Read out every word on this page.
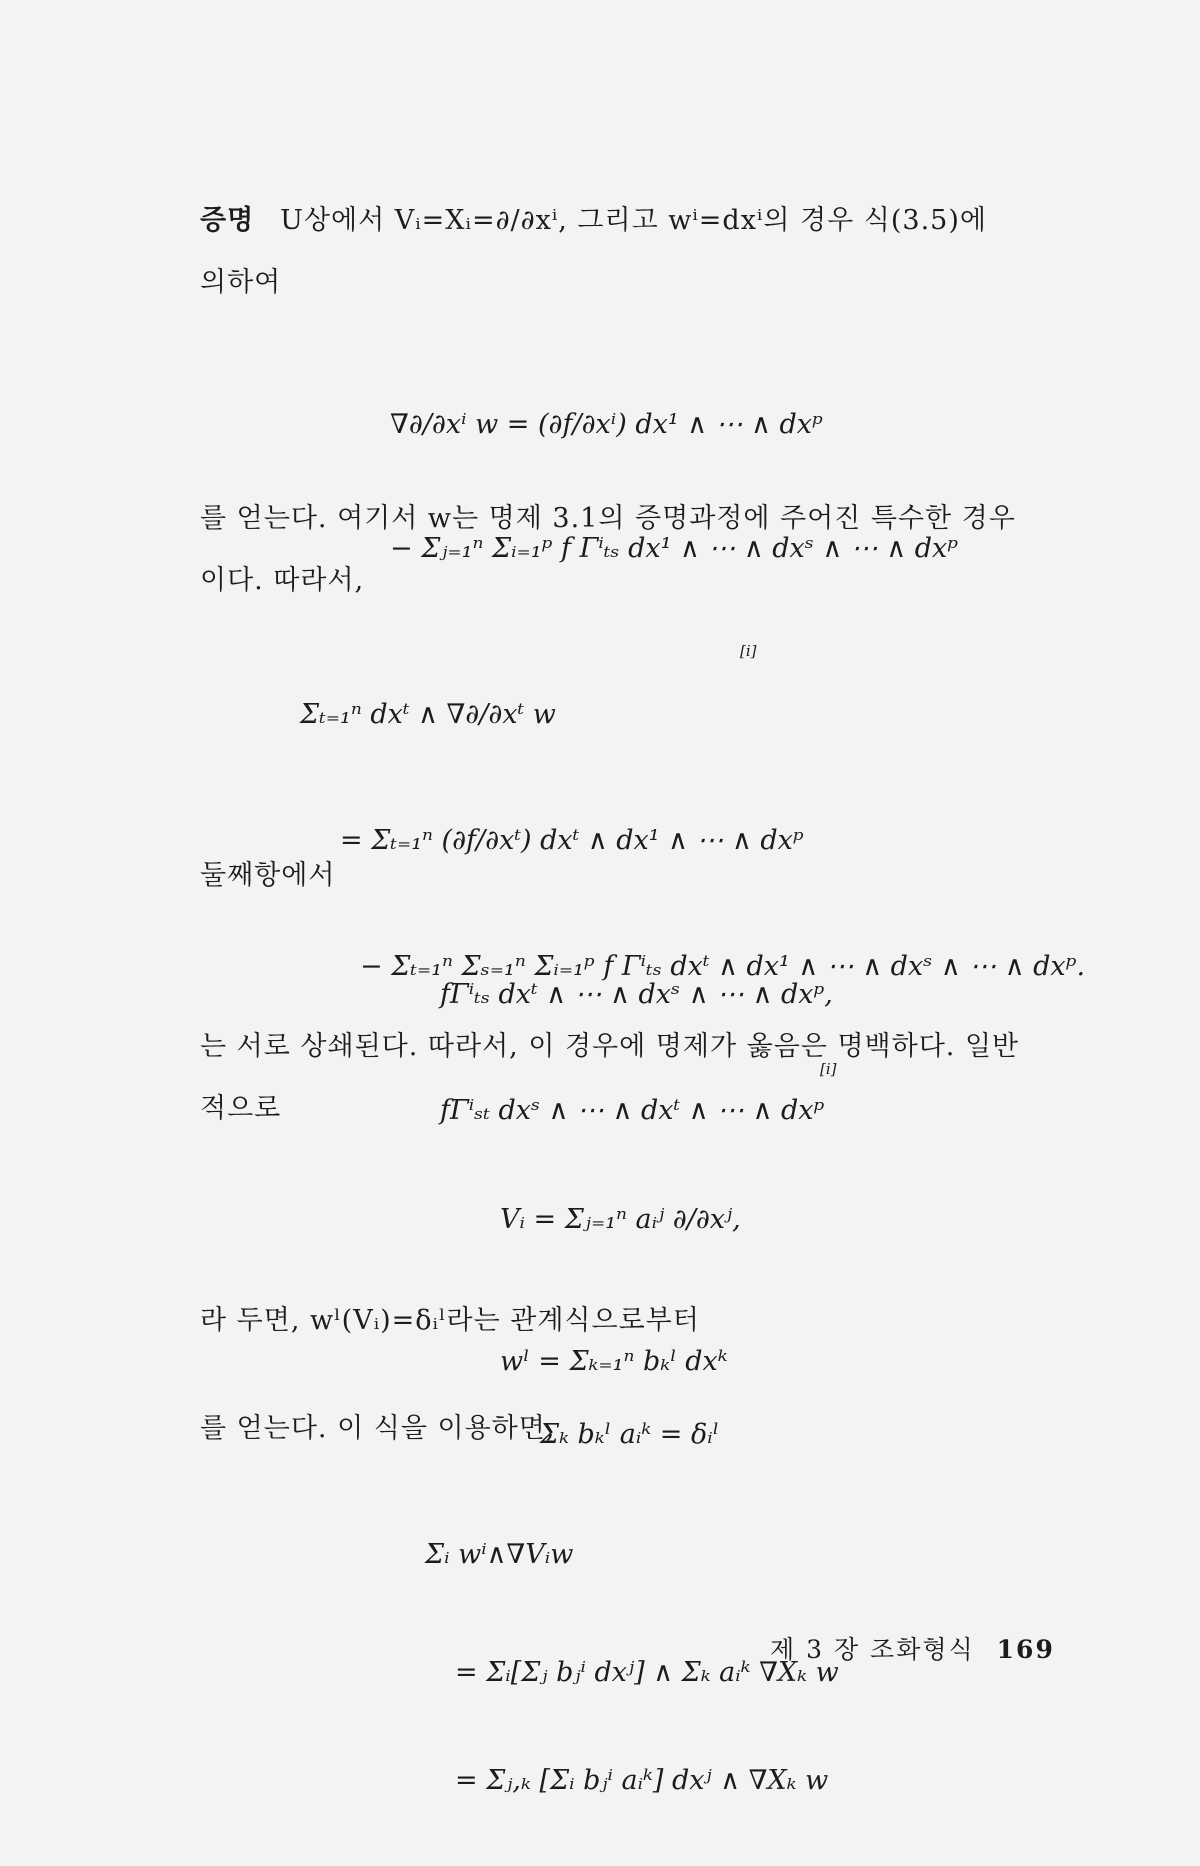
증명 U상에서 Vᵢ=Xᵢ=∂/∂xⁱ, 그리고 wⁱ=dxⁱ의 경우 식(3.5)에
의하여

∇∂/∂xⁱ w = (∂f/∂xⁱ) dx¹ ∧ ⋯ ∧ dxᵖ

− Σⱼ₌₁ⁿ Σᵢ₌₁ᵖ f Γⁱₜₛ dx¹ ∧ ⋯ ∧ dxˢ ∧ ⋯ ∧ dxᵖ

[i]

를 얻는다. 여기서 w는 명제 3.1의 증명과정에 주어진 특수한 경우
이다. 따라서,

Σₜ₌₁ⁿ dxᵗ ∧ ∇∂/∂xᵗ w

= Σₜ₌₁ⁿ (∂f/∂xᵗ) dxᵗ ∧ dx¹ ∧ ⋯ ∧ dxᵖ

− Σₜ₌₁ⁿ Σₛ₌₁ⁿ Σᵢ₌₁ᵖ f Γⁱₜₛ dxᵗ ∧ dx¹ ∧ ⋯ ∧ dxˢ ∧ ⋯ ∧ dxᵖ.

[i]

둘째항에서

fΓⁱₜₛ dxᵗ ∧ ⋯ ∧ dxˢ ∧ ⋯ ∧ dxᵖ,

fΓⁱₛₜ dxˢ ∧ ⋯ ∧ dxᵗ ∧ ⋯ ∧ dxᵖ

는 서로 상쇄된다. 따라서, 이 경우에 명제가 옳음은 명백하다. 일반
적으로

Vᵢ = Σⱼ₌₁ⁿ aᵢʲ ∂/∂xʲ,

wˡ = Σₖ₌₁ⁿ bₖˡ dxᵏ

라 두면, wˡ(Vᵢ)=δᵢˡ라는 관계식으로부터

Σₖ bₖˡ aᵢᵏ = δᵢˡ

를 얻는다. 이 식을 이용하면,

Σᵢ wⁱ∧∇Vᵢw

= Σᵢ[Σⱼ bⱼⁱ dxʲ] ∧ Σₖ aᵢᵏ ∇Xₖ w

= Σⱼ,ₖ [Σᵢ bⱼⁱ aᵢᵏ] dxʲ ∧ ∇Xₖ w

제 3 장 조화형식 169
